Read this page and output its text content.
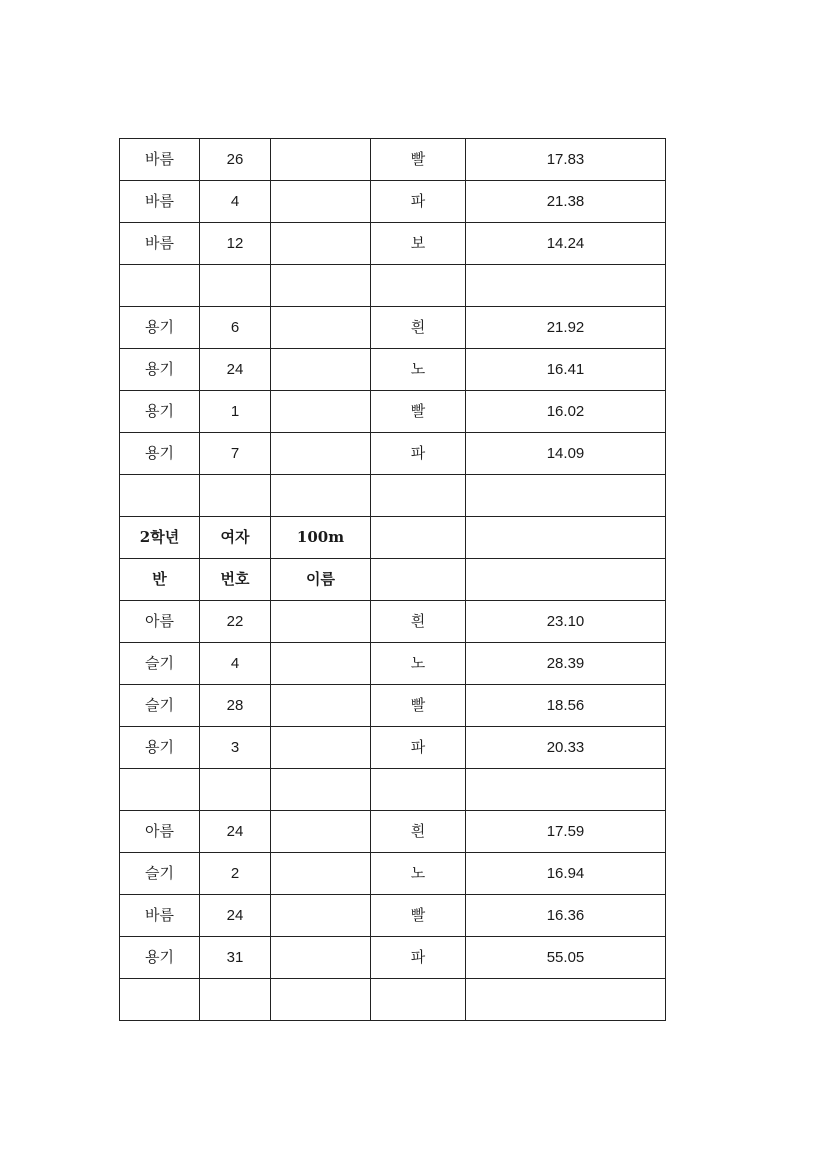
바름	26		빨	17.83
바름	4		파	21.38
바름	12		보	14.24

용기	6		흰	21.92
용기	24		노	16.41
용기	1		빨	16.02
용기	7		파	14.09

2학년	여자	100m		
반	번호	이름		
아름	22		흰	23.10
슬기	4		노	28.39
슬기	28		빨	18.56
용기	3		파	20.33

아름	24		흰	17.59
슬기	2		노	16.94
바름	24		빨	16.36
용기	31		파	55.05
